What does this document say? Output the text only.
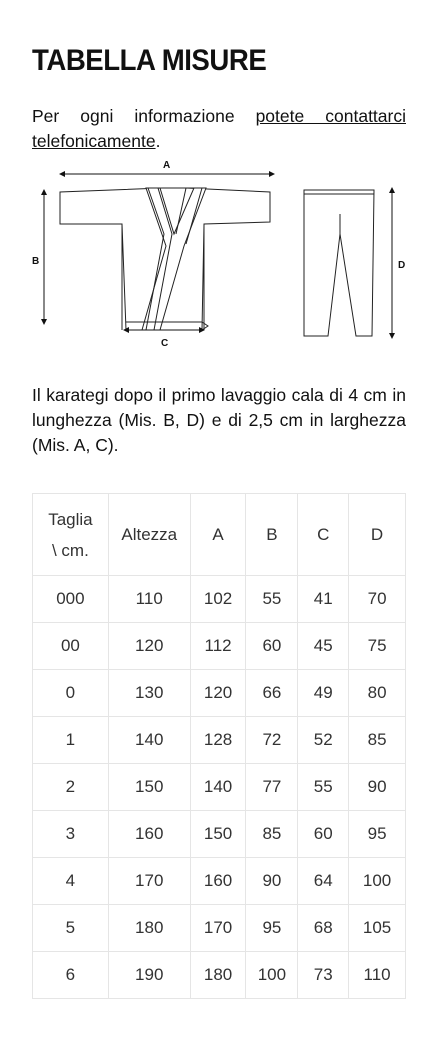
TABELLA MISURE

Per ogni informazione potete contattarci telefonicamente.

A
B
C
D

Il karategi dopo il primo lavaggio cala di 4 cm in lunghezza (Mis. B, D) e di 2,5 cm in larghezza (Mis. A, C).

Taglia
\ cm.	Altezza	A	B	C	D
000	110	102	55	41	70
00	120	112	60	45	75
0	130	120	66	49	80
1	140	128	72	52	85
2	150	140	77	55	90
3	160	150	85	60	95
4	170	160	90	64	100
5	180	170	95	68	105
6	190	180	100	73	110
